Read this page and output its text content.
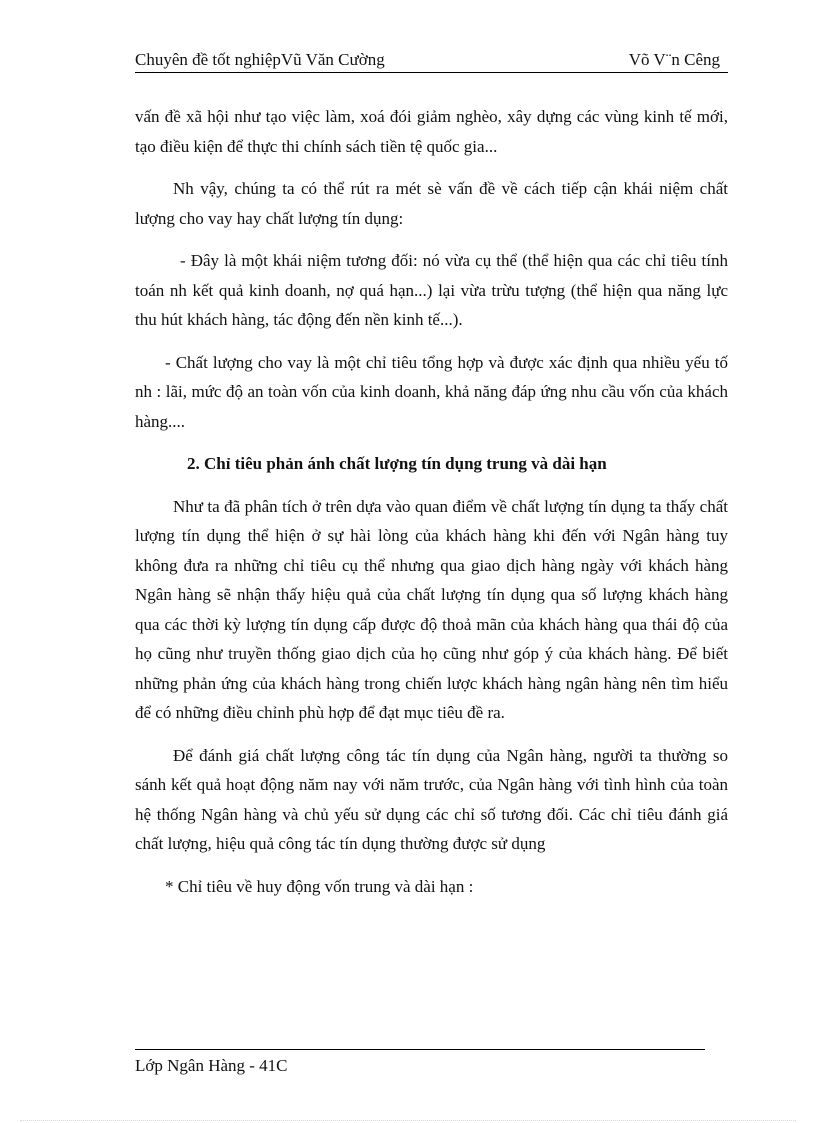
Chuyên đề tốt nghiệpVũ Văn Cường	Võ V¨n Cêng

vấn đề xã hội như tạo việc làm, xoá đói giảm nghèo, xây dựng các vùng kinh tế mới, tạo điều kiện để thực thi chính sách tiền tệ quốc gia...

Nh vậy, chúng ta có thể rút ra mét sè vấn đề về cách tiếp cận khái niệm chất lượng cho vay hay chất lượng tín dụng:

- Đây là một khái niệm tương đối: nó vừa cụ thể (thể hiện qua các chỉ tiêu tính toán nh kết quả kinh doanh, nợ quá hạn...) lại vừa trừu tượng (thể hiện qua năng lực thu hút khách hàng, tác động đến nền kinh tế...).

- Chất lượng cho vay là một chỉ tiêu tổng hợp và được xác định qua nhiều yếu tố nh : lãi, mức độ an toàn vốn của kinh doanh, khả năng đáp ứng nhu cầu vốn của khách hàng....

2. Chỉ tiêu phản ánh chất lượng tín dụng trung và dài hạn

Như ta đã phân tích ở trên dựa vào quan điểm về chất lượng tín dụng ta thấy chất lượng tín dụng thể hiện ở sự hài lòng của khách hàng khi đến với Ngân hàng tuy không đưa ra những chỉ tiêu cụ thể nhưng qua giao dịch hàng ngày với khách hàng Ngân hàng sẽ nhận thấy hiệu quả của chất lượng tín dụng qua số lượng khách hàng qua các thời kỳ lượng tín dụng cấp được độ thoả mãn của khách hàng qua thái độ của họ cũng như truyền thống giao dịch của họ cũng như góp ý của khách hàng. Để biết những phản ứng của khách hàng trong chiến lược khách hàng ngân hàng nên tìm hiểu để có những điều chỉnh phù hợp để đạt mục tiêu đề ra.

Để đánh giá chất lượng công tác tín dụng của Ngân hàng, người ta thường so sánh kết quả hoạt động năm nay với năm trước, của Ngân hàng với tình hình của toàn hệ thống Ngân hàng và chủ yếu sử dụng các chỉ số tương đối. Các chỉ tiêu đánh giá chất lượng, hiệu quả công tác tín dụng thường được sử dụng

* Chỉ tiêu về huy động vốn trung và dài hạn :

Lớp Ngân Hàng - 41C
